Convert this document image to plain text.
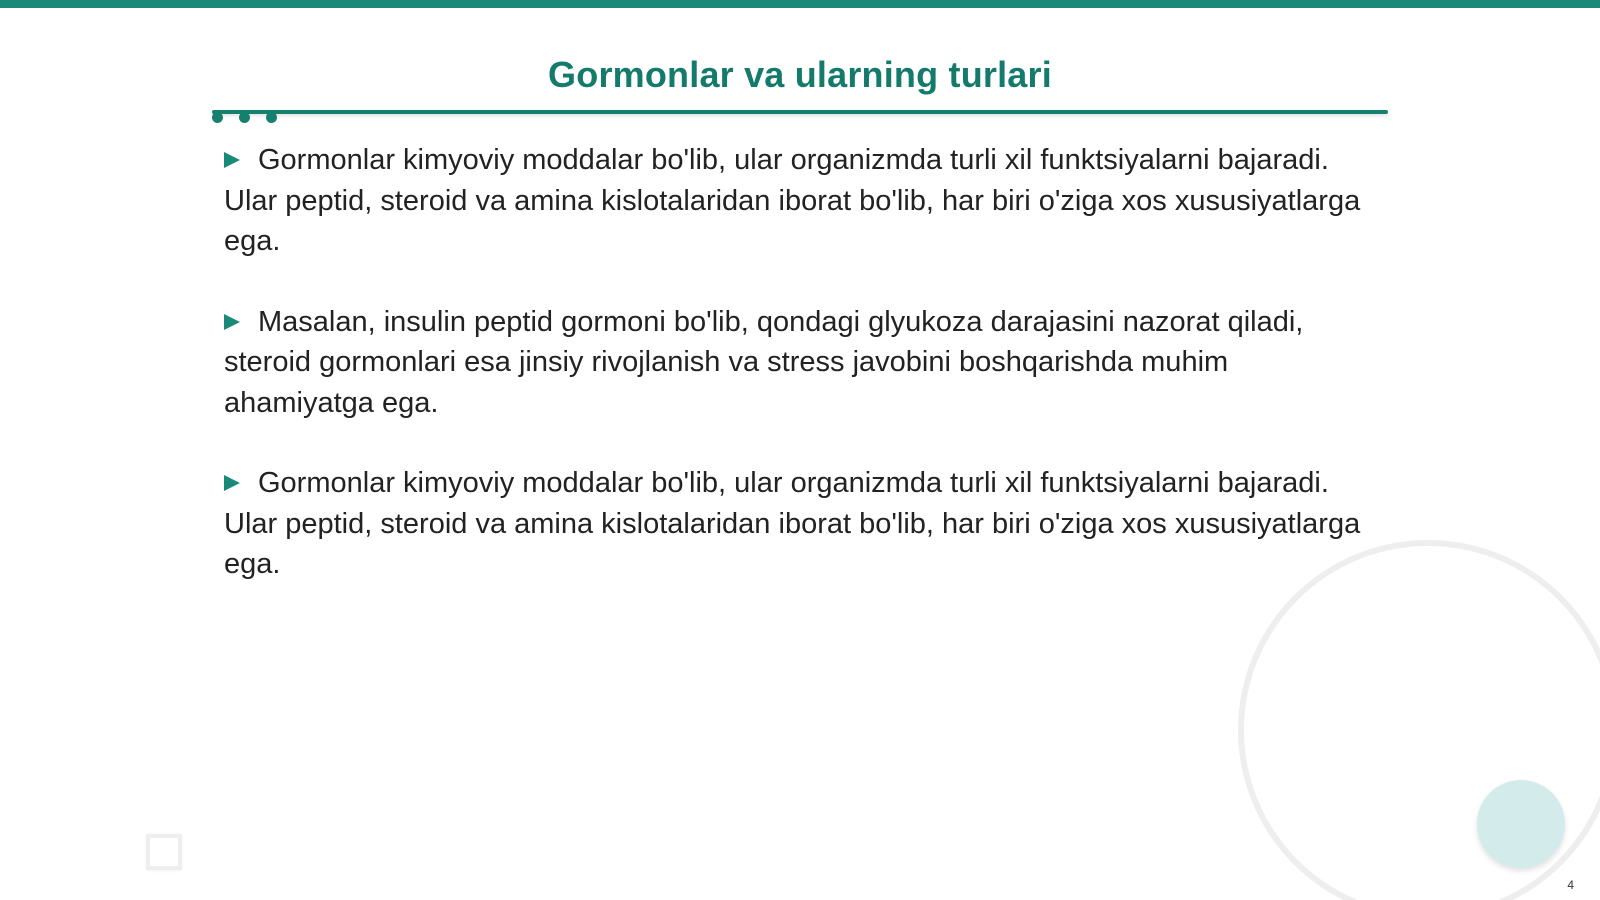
Gormonlar va ularning turlari

Gormonlar kimyoviy moddalar bo'lib, ular organizmda turli xil funktsiyalarni bajaradi. Ular peptid, steroid va amina kislotalaridan iborat bo'lib, har biri o'ziga xos xususiyatlarga ega.

Masalan, insulin peptid gormoni bo'lib, qondagi glyukoza darajasini nazorat qiladi, steroid gormonlari esa jinsiy rivojlanish va stress javobini boshqarishda muhim ahamiyatga ega.

Gormonlar kimyoviy moddalar bo'lib, ular organizmda turli xil funktsiyalarni bajaradi. Ular peptid, steroid va amina kislotalaridan iborat bo'lib, har biri o'ziga xos xususiyatlarga ega.

4
